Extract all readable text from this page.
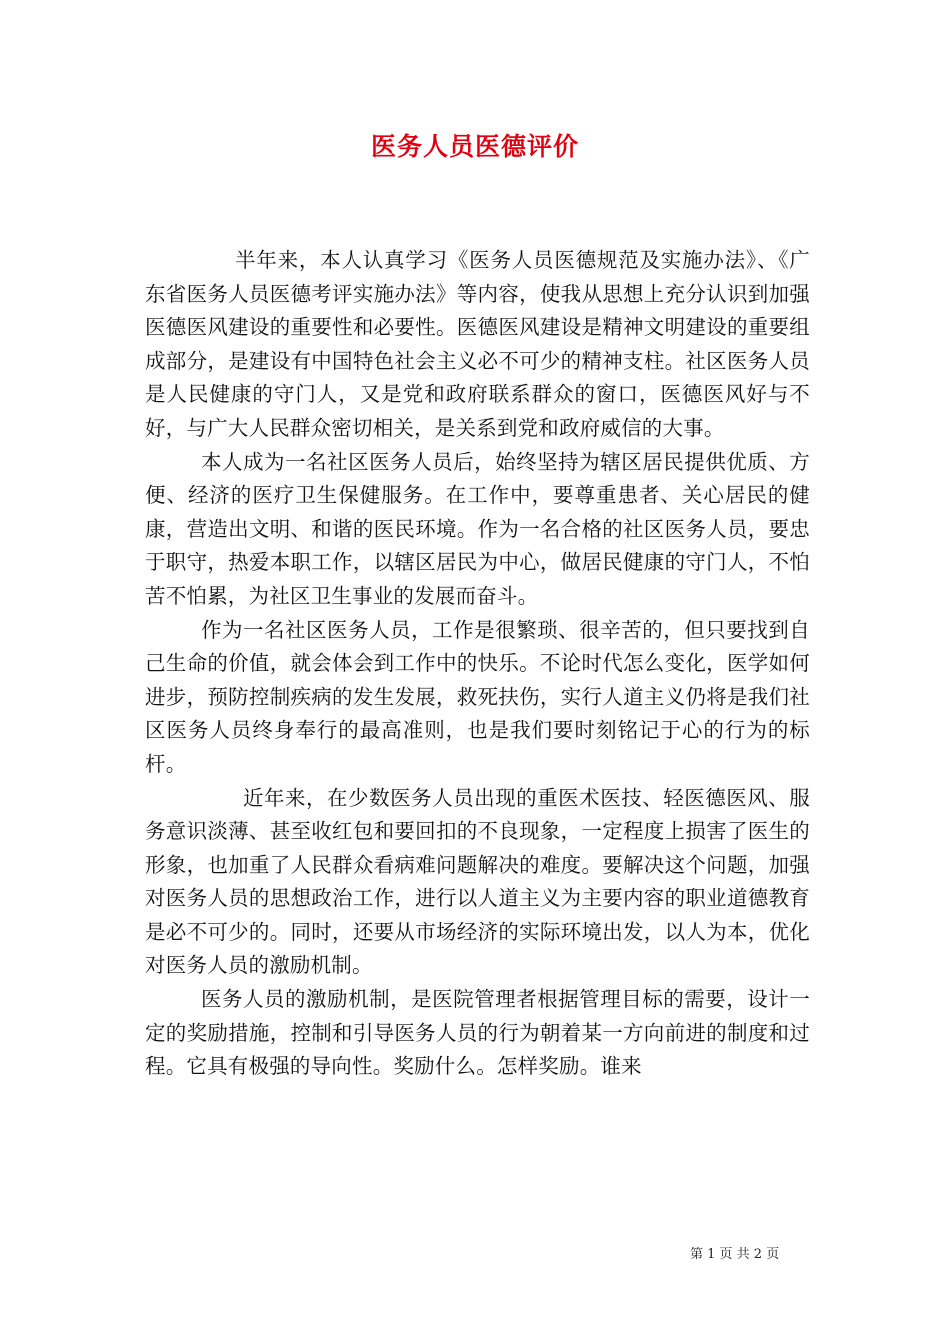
医务人员医德评价

半年来，本人认真学习《医务人员医德规范及实施办法》、《广东省医务人员医德考评实施办法》等内容，使我从思想上充分认识到加强医德医风建设的重要性和必要性。医德医风建设是精神文明建设的重要组成部分，是建设有中国特色社会主义必不可少的精神支柱。社区医务人员是人民健康的守门人，又是党和政府联系群众的窗口，医德医风好与不好，与广大人民群众密切相关，是关系到党和政府威信的大事。

本人成为一名社区医务人员后，始终坚持为辖区居民提供优质、方便、经济的医疗卫生保健服务。在工作中，要尊重患者、关心居民的健康，营造出文明、和谐的医民环境。作为一名合格的社区医务人员，要忠于职守，热爱本职工作，以辖区居民为中心，做居民健康的守门人，不怕苦不怕累，为社区卫生事业的发展而奋斗。

作为一名社区医务人员，工作是很繁琐、很辛苦的，但只要找到自己生命的价值，就会体会到工作中的快乐。不论时代怎么变化，医学如何进步，预防控制疾病的发生发展，救死扶伤，实行人道主义仍将是我们社区医务人员终身奉行的最高准则，也是我们要时刻铭记于心的行为的标杆。

近年来，在少数医务人员出现的重医术医技、轻医德医风、服务意识淡薄、甚至收红包和要回扣的不良现象，一定程度上损害了医生的形象，也加重了人民群众看病难问题解决的难度。要解决这个问题，加强对医务人员的思想政治工作，进行以人道主义为主要内容的职业道德教育是必不可少的。同时，还要从市场经济的实际环境出发，以人为本，优化对医务人员的激励机制。

医务人员的激励机制，是医院管理者根据管理目标的需要，设计一定的奖励措施，控制和引导医务人员的行为朝着某一方向前进的制度和过程。它具有极强的导向性。奖励什么。怎样奖励。谁来

第 1 页 共 2 页
